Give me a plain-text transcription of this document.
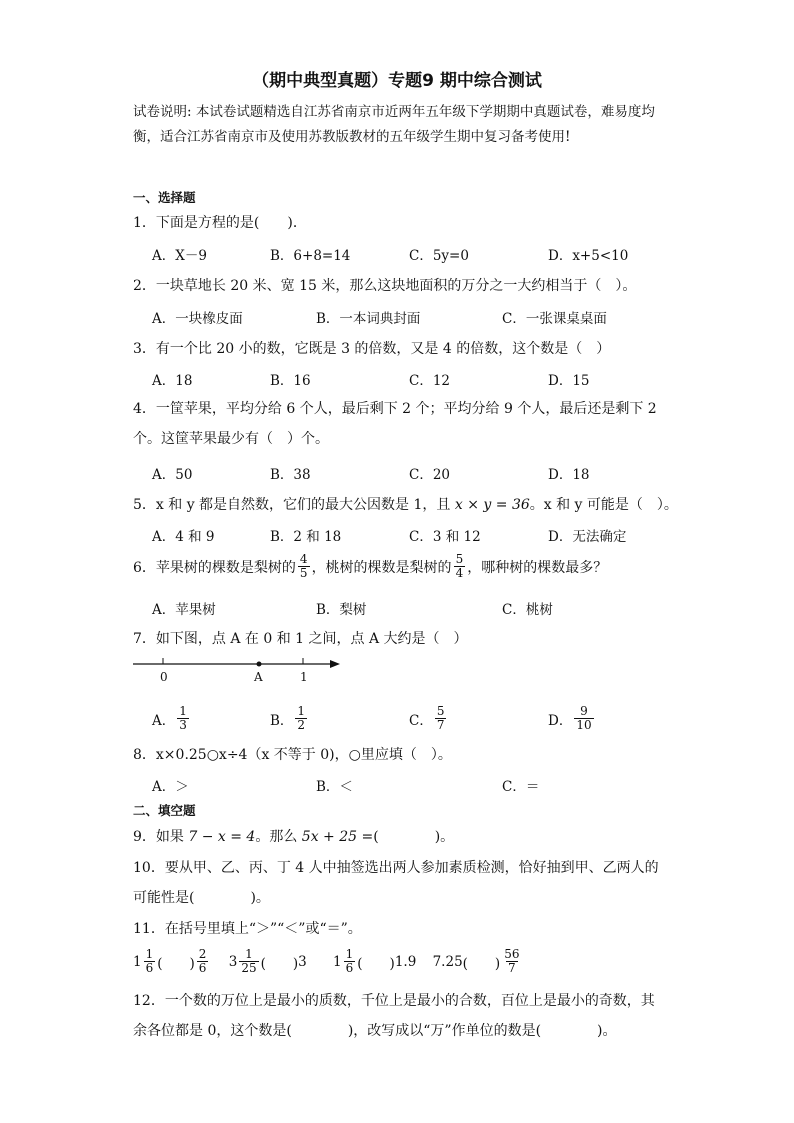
（期中典型真题）专题9 期中综合测试
试卷说明: 本试卷试题精选自江苏省南京市近两年五年级下学期期中真题试卷，难易度均衡，适合江苏省南京市及使用苏教版教材的五年级学生期中复习备考使用!
一、选择题
1．下面是方程的是(　　)．
A．X－9	B．6+8=14	C．5y=0	D．x+5<10
2．一块草地长 20 米、宽 15 米，那么这块地面积的万分之一大约相当于（　）。
A．一块橡皮面	B．一本词典封面	C．一张课桌桌面
3．有一个比 20 小的数，它既是 3 的倍数，又是 4 的倍数，这个数是（　）
A．18	B．16	C．12	D．15
4．一筐苹果，平均分给 6 个人，最后剩下 2 个；平均分给 9 个人，最后还是剩下 2 个。这筐苹果最少有（　）个。
A．50	B．38	C．20	D．18
5．x 和 y 都是自然数，它们的最大公因数是 1，且 x × y = 36。x 和 y 可能是（　）。
A．4 和 9	B．2 和 18	C．3 和 12	D．无法确定
6．苹果树的棵数是梨树的 $\frac{4}{5}$ ，桃树的棵数是梨树的 $\frac{5}{4}$ ，哪种树的棵数最多？
A．苹果树	B．梨树	C．桃树
7．如下图，点 A 在 0 和 1 之间，点 A 大约是（　）
0	A	1
A． $\frac{1}{3}$	B． $\frac{1}{2}$	C． $\frac{5}{7}$	D． $\frac{9}{10}$
8．x×0.25○x÷4（x 不等于 0)，○里应填（　）。
A．＞	B．＜	C．＝
二、填空题
9．如果 7 − x = 4。那么 5x + 25 =(　　　　)。
10．要从甲、乙、丙、丁 4 人中抽签选出两人参加素质检测，恰好抽到甲、乙两人的可能性是(　　　　)。
11．在括号里填上“＞”“＜”或“＝”。
$1 \frac{1}{6}$ (　　) $\frac{2}{6}$
$3 \frac{1}{25}$ (　　) 3
$1 \frac{1}{6}$ (　　) 1.9
7.25 (　　) $\frac{56}{7}$
12．一个数的万位上是最小的质数，千位上是最小的合数，百位上是最小的奇数，其余各位都是 0，这个数是(　　　　)，改写成以“万”作单位的数是(　　　　)。
